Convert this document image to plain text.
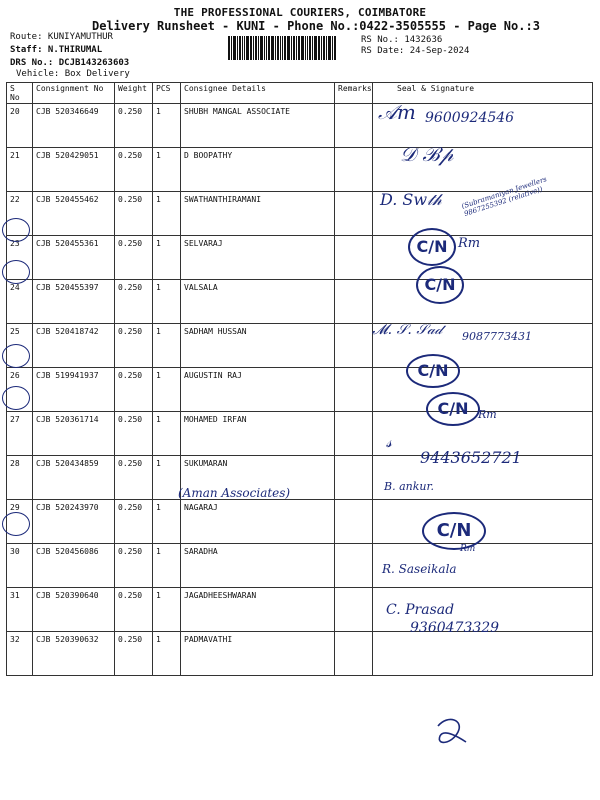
THE PROFESSIONAL COURIERS, COIMBATORE
Delivery Runsheet - KUNI - Phone No.:0422-3505555 - Page No.:3
Route: KUNIYAMUTHUR
Staff: N.THIRUMAL
DRS No.: DCJB143263603
Vehicle: Box Delivery
RS No.: 1432636
RS Date: 24-Sep-2024
S No	Consignment No	Weight	PCS	Consignee Details	Remarks	Seal & Signature
20	CJB 520346649	0.250	1	SHUBH MANGAL ASSOCIATE		
21	CJB 520429051	0.250	1	D BOOPATHY		
22	CJB 520455462	0.250	1	SWATHANTHIRAMANI		
23	CJB 520455361	0.250	1	SELVARAJ		
24	CJB 520455397	0.250	1	VALSALA		
25	CJB 520418742	0.250	1	SADHAM HUSSAN		
26	CJB 519941937	0.250	1	AUGUSTIN RAJ		
27	CJB 520361714	0.250	1	MOHAMED IRFAN		
28	CJB 520434859	0.250	1	SUKUMARAN		
29	CJB 520243970	0.250	1	NAGARAJ		
30	CJB 520456086	0.250	1	SARADHA		
31	CJB 520390640	0.250	1	JAGADHEESHWARAN		
32	CJB 520390632	0.250	1	PADMAVATHI		
𝒜m 9600924546
𝒟 ℬ𝓅
D. Sw𝓉𝒽	(Subramaniyan Jewellers 9867255392 (relative))
C/N Rm
C/N
𝓜. 𝒮. 𝒮𝒶𝒹 9087773431
C/N
C/N Rm
𝓈
9443652721
(Aman Associates)	B. ankur.
C/N
Rm
R. Saseikala
C. Prasad
9360473329
